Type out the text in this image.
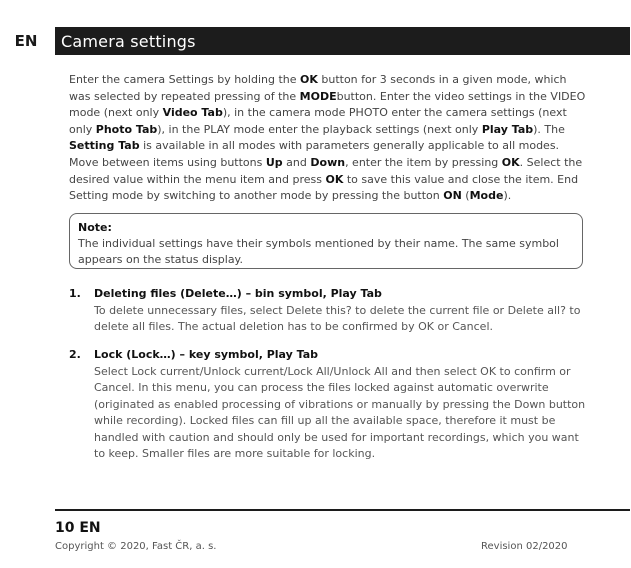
EN	Camera settings

Enter the camera Settings by holding the OK button for 3 seconds in a given mode, which was selected by repeated pressing of the MODEbutton. Enter the video settings in the VIDEO mode (next only Video Tab), in the camera mode PHOTO enter the camera settings (next only Photo Tab), in the PLAY mode enter the playback settings (next only Play Tab). The Setting Tab is available in all modes with parameters generally applicable to all modes.

Move between items using buttons Up and Down, enter the item by pressing OK. Select the desired value within the menu item and press OK to save this value and close the item. End Setting mode by switching to another mode by pressing the button ON (Mode).

Note:
The individual settings have their symbols mentioned by their name. The same symbol appears on the status display.
1. Deleting files (Delete…) – bin symbol, Play Tab
To delete unnecessary files, select Delete this? to delete the current file or Delete all? to delete all files. The actual deletion has to be confirmed by OK or Cancel.
2. Lock (Lock…) – key symbol, Play Tab
Select Lock current/Unlock current/Lock All/Unlock All and then select OK to confirm or Cancel. In this menu, you can process the files locked against automatic overwrite (originated as enabled processing of vibrations or manually by pressing the Down button while recording). Locked files can fill up all the available space, therefore it must be handled with caution and should only be used for important recordings, which you want to keep. Smaller files are more suitable for locking.
10 EN
Copyright © 2020, Fast ČR, a. s.	Revision 02/2020
